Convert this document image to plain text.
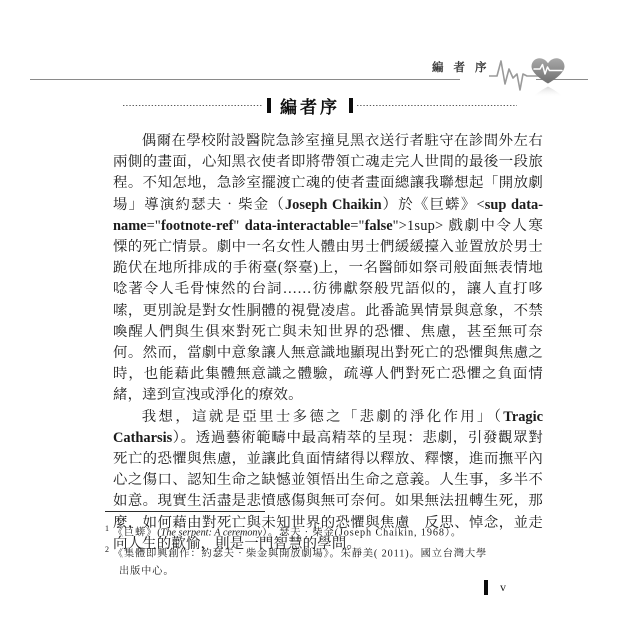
編 者 序
編者序

偶爾在學校附設醫院急診室撞見黑衣送行者駐守在診間外左右兩側的畫面，心知黑衣使者即將帶領亡魂走完人世間的最後一段旅程。不知怎地，急診室擺渡亡魂的使者畫面總讓我聯想起「開放劇場」導演約瑟夫‧柴金（Joseph Chaikin）於《巨蠎》<sup data-name="footnote-ref" data-interactable="false">1sup> 戲劇中令人寒慄的死亡情景。劇中一名女性人體由男士們緩緩擡入並置放於男士跪伏在地所排成的手術臺(祭臺)上，一名醫師如祭司般面無表情地唸著令人毛骨悚然的台詞……彷彿獻祭般咒語似的，讓人直打哆嗦，更別說是對女性胴體的視覺凌虐。此番詭異情景與意象，不禁喚醒人們與生俱來對死亡與未知世界的恐懼、焦慮，甚至無可奈何。然而，當劇中意象讓人無意識地顯現出對死亡的恐懼與焦慮之時，也能藉此集體無意識之體驗，疏導人們對死亡恐懼之負面情緒，達到宣洩或淨化的療效。

我想，這就是亞里士多德之「悲劇的淨化作用」（Tragic Catharsis）。透過藝術範疇中最高精萃的呈現：悲劇，引發觀眾對死亡的恐懼與焦慮，並讓此負面情緒得以釋放、釋懷，進而撫平內心之傷口、認知生命之缺憾並領悟出生命之意義。人生事，多半不如意。現實生活盡是悲憤感傷與無可奈何。如果無法扭轉生死，那麼，如何藉由對死亡與未知世界的恐懼與焦慮　反思、悼念，並走向人生的歡愉，則是一門智慧的學問。

$^1$ 《巨蠎》(The serpent: A ceremony）。瑟夫‧柴金(Joseph Chaikin, 1968）。
$^2$ 《集體即興創作：約瑟夫‧柴金與開放劇場》。朱靜美( 2011)。國立台灣大學
出版中心。
v
